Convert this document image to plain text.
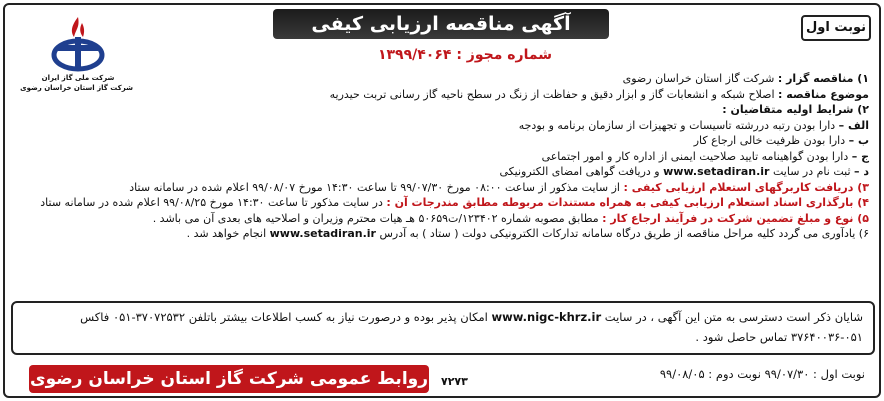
نوبت اول
آگهی مناقصه ارزیابی کیفی
شماره مجوز : ۱۳۹۹/۴۰۶۴
شرکت ملی گاز ایران
شرکت گاز استان خراسان رضوی
۱) مناقصه گزار : شرکت گاز استان خراسان رضوی
موضوع مناقصه : اصلاح شبکه و انشعابات گاز و ابزار دقیق و حفاظت از زنگ در سطح ناحیه گاز رسانی تربت حیدریه
۲) شرایط اولیه متقاضیان :
الف – دارا بودن رتبه دررشته تاسیسات و تجهیزات از سازمان برنامه و بودجه
ب – دارا بودن ظرفیت خالی ارجاع کار
ج – دارا بودن گواهینامه تایید صلاحیت ایمنی از اداره کار و امور اجتماعی
د – ثبت نام در سایت www.setadiran.ir و دریافت گواهی امضای الکترونیکی
۳) دریافت کاربرگهای استعلام ارزیابی کیفی : از سایت مذکور از ساعت ۰۸:۰۰ مورخ ۹۹/۰۷/۳۰ تا ساعت ۱۴:۳۰ مورخ ۹۹/۰۸/۰۷ اعلام شده در سامانه ستاد
۴) بارگذاری اسناد استعلام ارزیابی کیفی به همراه مستندات مربوطه مطابق مندرجات آن : در سایت مذکور تا ساعت ۱۴:۳۰ مورخ ۹۹/۰۸/۲۵ اعلام شده در سامانه ستاد
۵) نوع و مبلغ تضمین شرکت در فرآیند ارجاع کار : مطابق مصوبه شماره ۱۲۳۴۰۲/ت۵۰۶۵۹ هـ هیات محترم وزیران و اصلاحیه های بعدی آن می باشد .
۶) یادآوری می گردد کلیه مراحل مناقصه از طریق درگاه سامانه تدارکات الکترونیکی دولت ( ستاد ) به آدرس www.setadiran.ir انجام خواهد شد .
شایان ذکر است دسترسی به متن این آگهی ، در سایت www.nigc-khrz.ir امکان پذیر بوده و درصورت نیاز به کسب اطلاعات بیشتر باتلفن ۳۷۰۷۲۵۳۲-۰۵۱ فاکس
۳۷۶۴۰۰۳۶-۰۵۱ تماس حاصل شود .
روابط عمومی شرکت گاز استان خراسان رضوی ۷۲۷۳
نوبت اول : ۹۹/۰۷/۳۰ نوبت دوم : ۹۹/۰۸/۰۵
